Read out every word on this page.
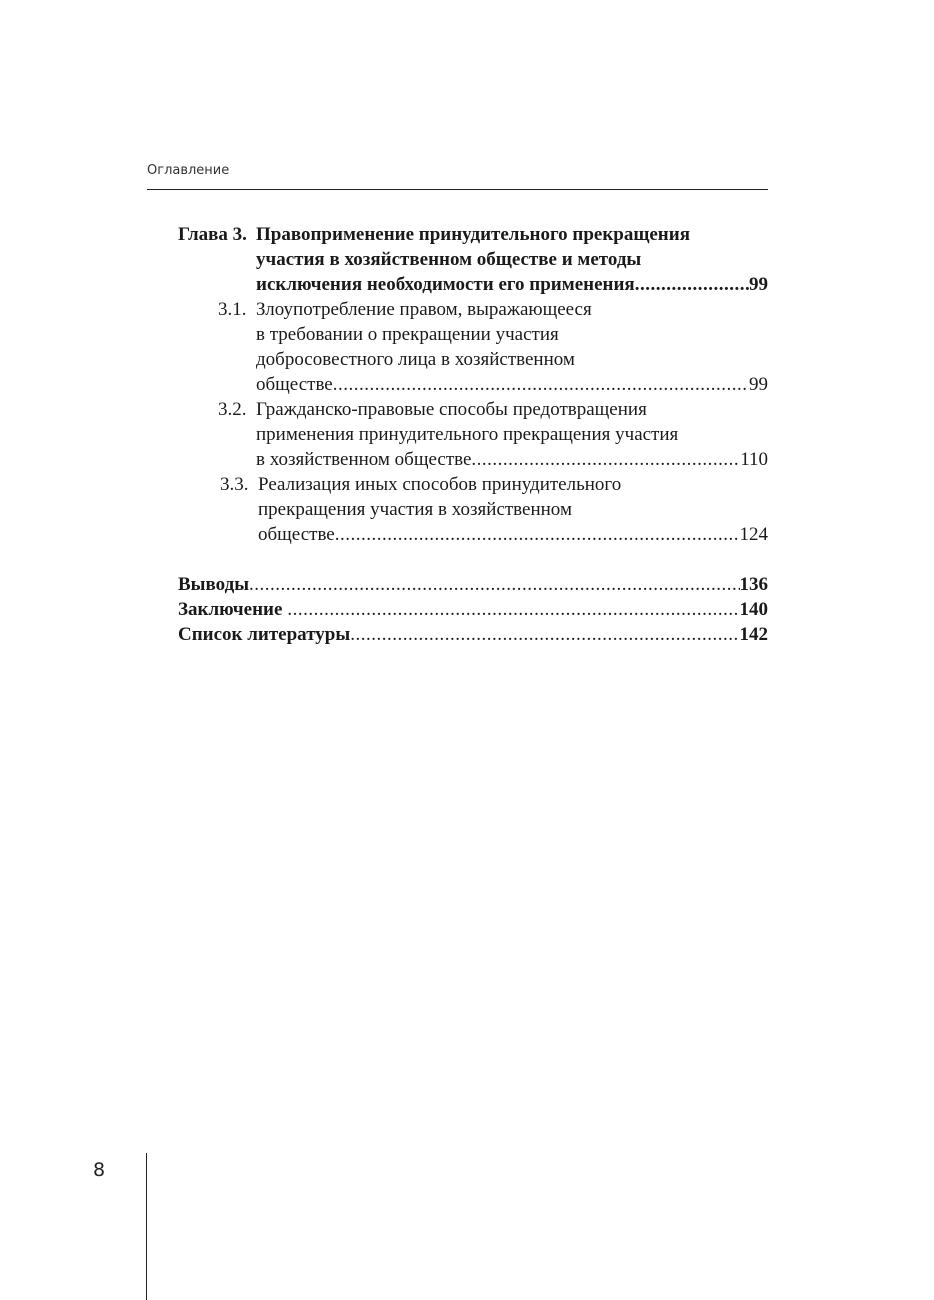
Оглавление
Глава 3. Правоприменение принудительного прекращения
участия в хозяйственном обществе и методы
исключения необходимости его применения .....	99
3.1. Злоупотребление правом, выражающееся
в требовании о прекращении участия
добросовестного лица в хозяйственном
обществе .....	99
3.2. Гражданско-правовые способы предотвращения
применения принудительного прекращения участия
в хозяйственном обществе .....	110
3.3. Реализация иных способов принудительного
прекращения участия в хозяйственном
обществе .....	124
Выводы .....	136
Заключение .....	140
Список литературы .....	142
8
